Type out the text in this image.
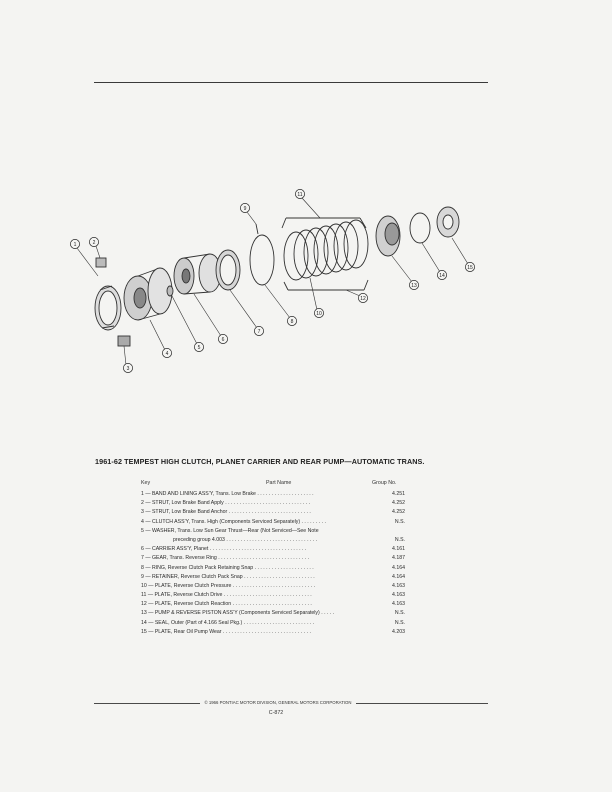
1	2
3
4
5
6
7
8
9
10
11
12
13
14
15
1961-62 TEMPEST HIGH CLUTCH, PLANET CARRIER AND REAR PUMP—AUTOMATIC TRANS.
Key	Part Name	Group No.
1 — BAND AND LINING ASS’Y, Trans. Low Brake . . . . . . . . . . . . . . . . . . . .	4.251
2 — STRUT, Low Brake Band Apply . . . . . . . . . . . . . . . . . . . . . . . . . . . . . .	4.252
3 — STRUT, Low Brake Band Anchor . . . . . . . . . . . . . . . . . . . . . . . . . . . . .	4.252
4 — CLUTCH ASS’Y, Trans. High (Components Serviced Separately) . . . . . . . . .	N.S.
5 — WASHER, Trans. Low Sun Gear Thrust—Rear (Not Serviced—See Note
preceding group 4.003 . . . . . . . . . . . . . . . . . . . . . . . . . . . . . . . .	N.S.
6 — CARRIER ASS’Y, Planet . . . . . . . . . . . . . . . . . . . . . . . . . . . . . . . . . .	4.161
7 — GEAR, Trans. Reverse Ring . . . . . . . . . . . . . . . . . . . . . . . . . . . . . . . .	4.187
8 — RING, Reverse Clutch Pack Retaining Snap . . . . . . . . . . . . . . . . . . . . .	4.164
9 — RETAINER, Reverse Clutch Pack Snap . . . . . . . . . . . . . . . . . . . . . . . . .	4.164
10 — PLATE, Reverse Clutch Pressure . . . . . . . . . . . . . . . . . . . . . . . . . . . . .	4.163
11 — PLATE, Reverse Clutch Drive . . . . . . . . . . . . . . . . . . . . . . . . . . . . . . .	4.163
12 — PLATE, Reverse Clutch Reaction . . . . . . . . . . . . . . . . . . . . . . . . . . . .	4.163
13 — PUMP & REVERSE PISTON ASS’Y (Components Serviced Separately) . . . . .	N.S.
14 — SEAL, Outer (Part of 4.166 Seal Pkg.) . . . . . . . . . . . . . . . . . . . . . . . . .	N.S.
15 — PLATE, Rear Oil Pump Wear . . . . . . . . . . . . . . . . . . . . . . . . . . . . . . .	4.203
© 1966 PONTIAC MOTOR DIVISION, GENERAL MOTORS CORPORATION
C-872
